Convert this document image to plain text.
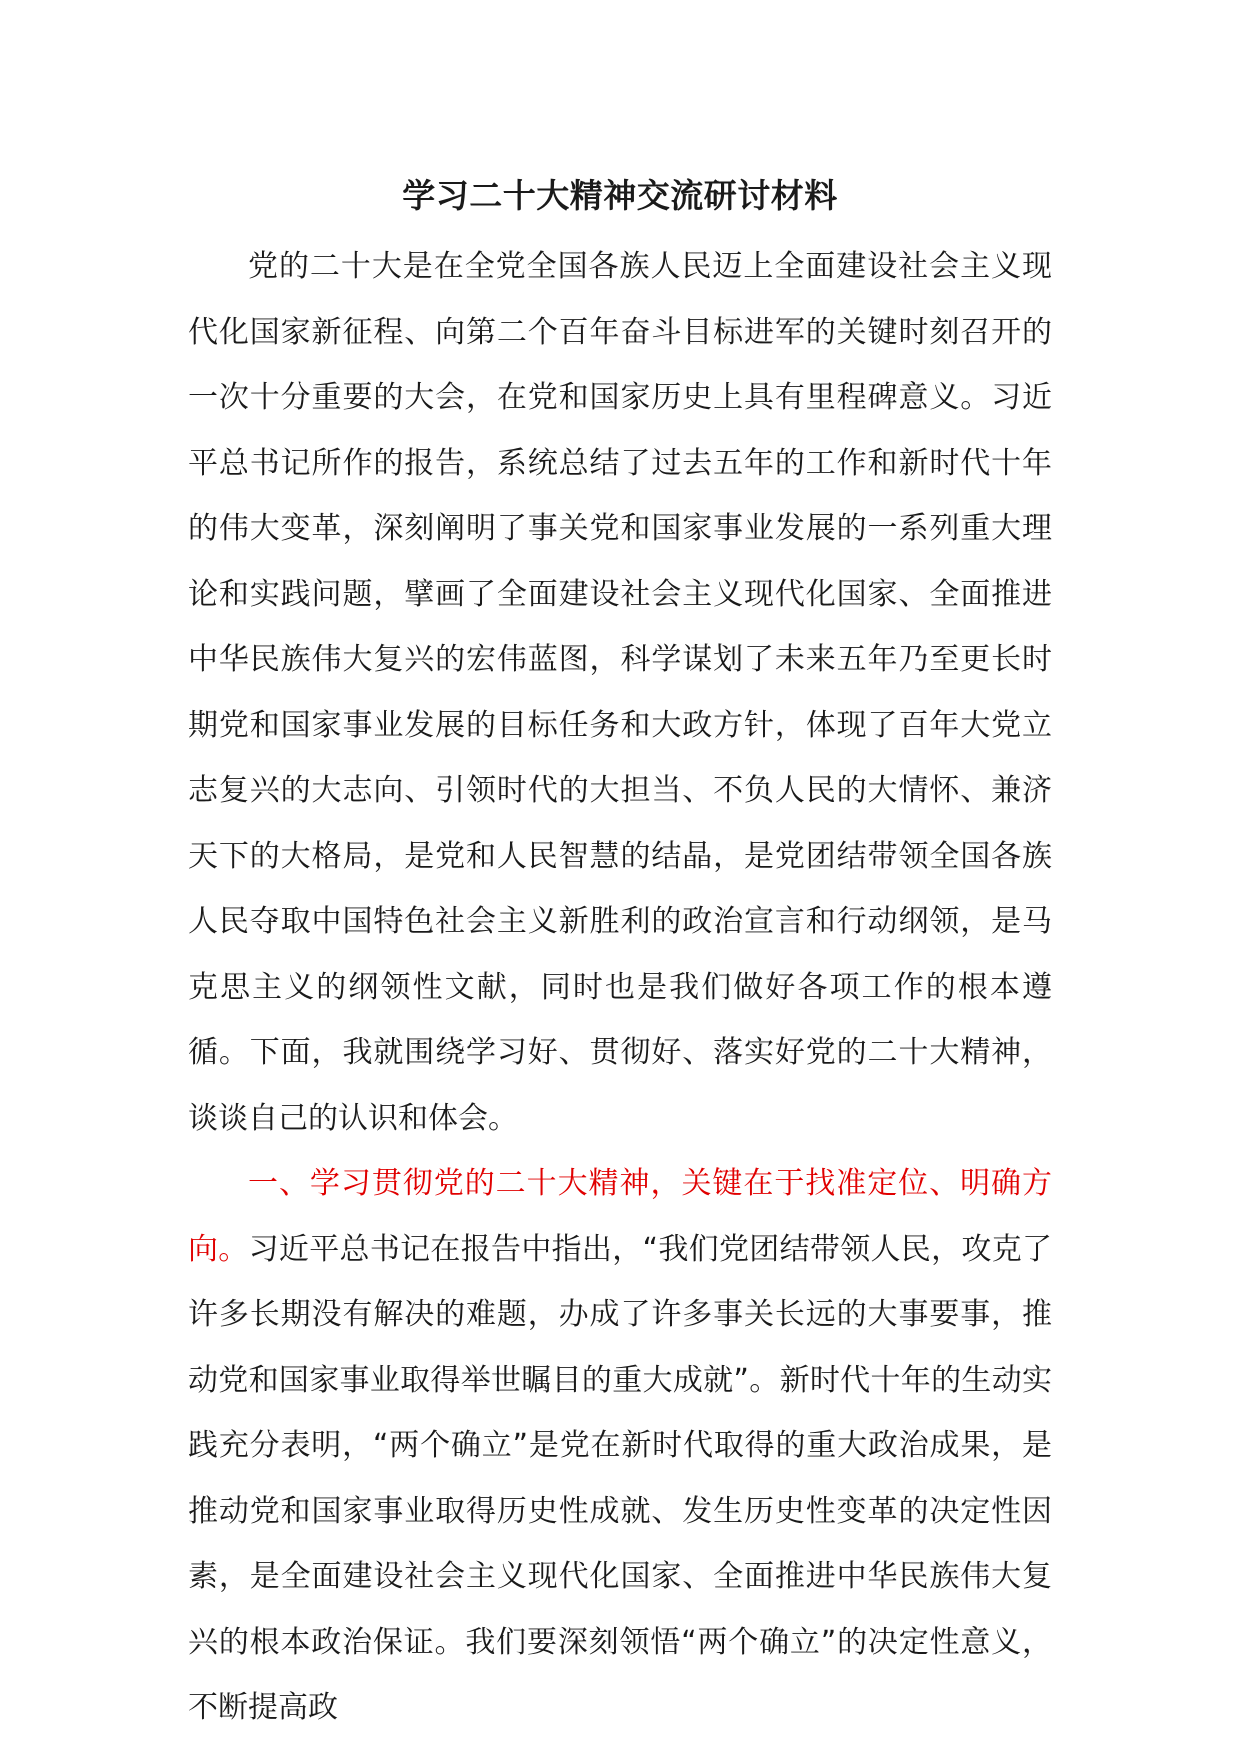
学习二十大精神交流研讨材料

党的二十大是在全党全国各族人民迈上全面建设社会主义现代化国家新征程、向第二个百年奋斗目标进军的关键时刻召开的一次十分重要的大会，在党和国家历史上具有里程碑意义。习近平总书记所作的报告，系统总结了过去五年的工作和新时代十年的伟大变革，深刻阐明了事关党和国家事业发展的一系列重大理论和实践问题，擘画了全面建设社会主义现代化国家、全面推进中华民族伟大复兴的宏伟蓝图，科学谋划了未来五年乃至更长时期党和国家事业发展的目标任务和大政方针，体现了百年大党立志复兴的大志向、引领时代的大担当、不负人民的大情怀、兼济天下的大格局，是党和人民智慧的结晶，是党团结带领全国各族人民夺取中国特色社会主义新胜利的政治宣言和行动纲领，是马克思主义的纲领性文献，同时也是我们做好各项工作的根本遵循。下面，我就围绕学习好、贯彻好、落实好党的二十大精神，谈谈自己的认识和体会。

一、学习贯彻党的二十大精神，关键在于找准定位、明确方向。习近平总书记在报告中指出，“我们党团结带领人民，攻克了许多长期没有解决的难题，办成了许多事关长远的大事要事，推动党和国家事业取得举世瞩目的重大成就”。新时代十年的生动实践充分表明，“两个确立”是党在新时代取得的重大政治成果，是推动党和国家事业取得历史性成就、发生历史性变革的决定性因素，是全面建设社会主义现代化国家、全面推进中华民族伟大复兴的根本政治保证。我们要深刻领悟“两个确立”的决定性意义，不断提高政
